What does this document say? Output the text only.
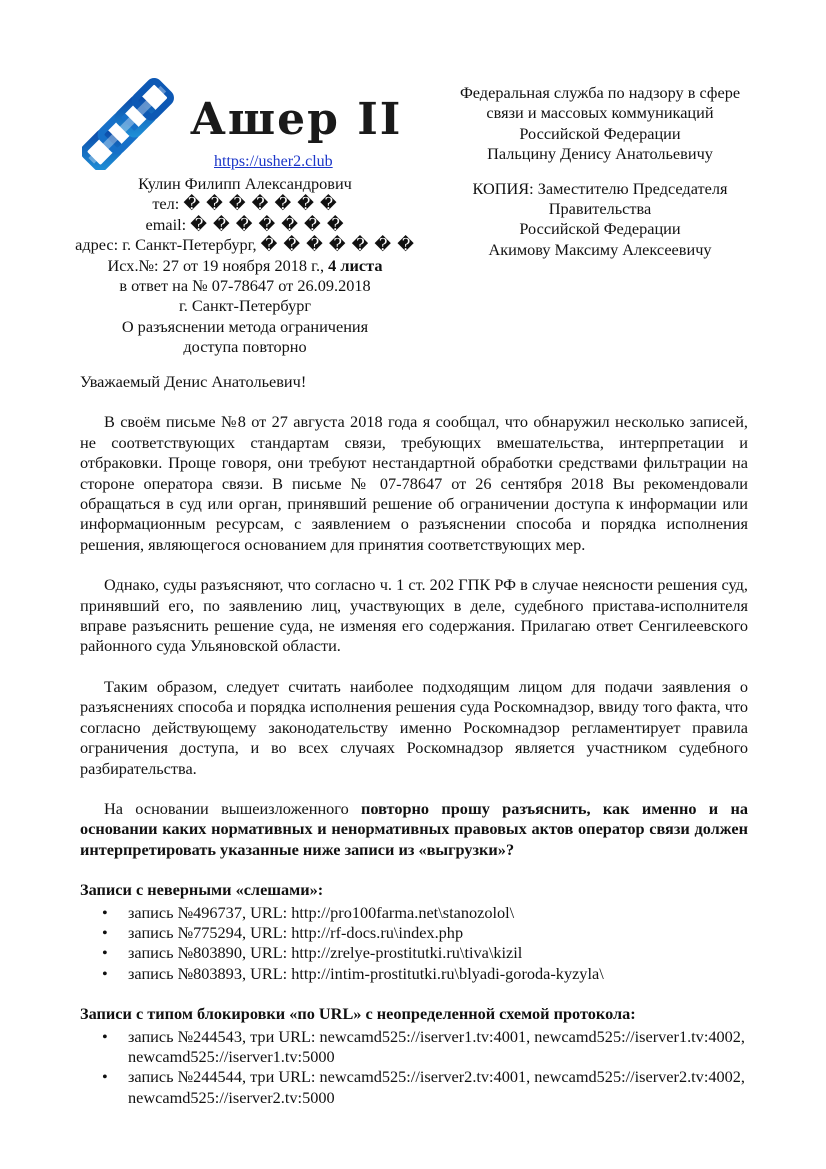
Ашер II
https://usher2.club
Кулин Филипп Александрович
тел: � � � � � � �
email: � � � � � � �
адрес: г. Санкт-Петербург, � � � � � � �
Исх.№: 27 от 19 ноября 2018 г., 4 листа
в ответ на № 07-78647 от 26.09.2018
г. Санкт-Петербург
О разъяснении метода ограничения
доступа повторно
Федеральная служба по надзору в сфере
связи и массовых коммуникаций
Российской Федерации
Пальцину Денису Анатольевичу
КОПИЯ: Заместителю Председателя
Правительства
Российской Федерации
Акимову Максиму Алексеевичу

Уважаемый Денис Анатольевич!

В своём письме №8 от 27 августа 2018 года я сообщал, что обнаружил несколько записей, не соответствующих стандартам связи, требующих вмешательства, интерпретации и отбраковки. Проще говоря, они требуют нестандартной обработки средствами фильтрации на стороне оператора связи. В письме № 07-78647 от 26 сентября 2018 Вы рекомендовали обращаться в суд или орган, принявший решение об ограничении доступа к информации или информационным ресурсам, с заявлением о разъяснении способа и порядка исполнения решения, являющегося основанием для принятия соответствующих мер.

Однако, суды разъясняют, что согласно ч. 1 ст. 202 ГПК РФ в случае неясности решения суд, принявший его, по заявлению лиц, участвующих в деле, судебного пристава-исполнителя вправе разъяснить решение суда, не изменяя его содержания. Прилагаю ответ Сенгилеевского районного суда Ульяновской области.

Таким образом, следует считать наиболее подходящим лицом для подачи заявления о разъяснениях способа и порядка исполнения решения суда Роскомнадзор, ввиду того факта, что согласно действующему законодательству именно Роскомнадзор регламентирует правила ограничения доступа, и во всех случаях Роскомнадзор является участником судебного разбирательства.

На основании вышеизложенного повторно прошу разъяснить, как именно и на основании каких нормативных и ненормативных правовых актов оператор связи должен интерпретировать указанные ниже записи из «выгрузки»?

Записи с неверными «слешами»:
• запись №496737, URL: http://pro100farma.net\stanozolol\
• запись №775294, URL: http://rf-docs.ru\index.php
• запись №803890, URL: http://zrelye-prostitutki.ru\tiva\kizil
• запись №803893, URL: http://intim-prostitutki.ru\blyadi-goroda-kyzyla\
Записи с типом блокировки «по URL» с неопределенной схемой протокола:
• запись №244543, три URL: newcamd525://iserver1.tv:4001, newcamd525://iserver1.tv:4002, newcamd525://iserver1.tv:5000
• запись №244544, три URL: newcamd525://iserver2.tv:4001, newcamd525://iserver2.tv:4002, newcamd525://iserver2.tv:5000
